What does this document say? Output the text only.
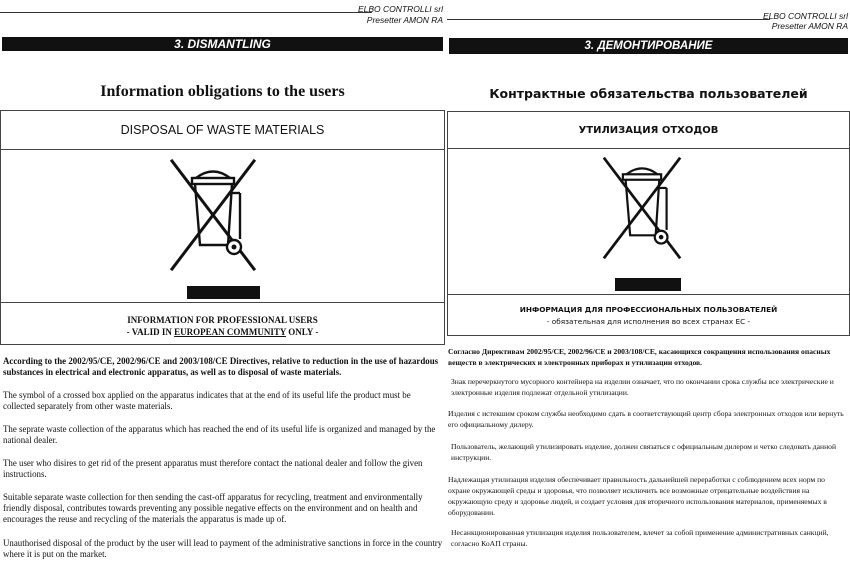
ELBO CONTROLLI srl
Presetter AMON RA
3. DISMANTLING
Information obligations to the users
DISPOSAL OF WASTE MATERIALS
INFORMATION FOR PROFESSIONAL USERS
- VALID IN EUROPEAN COMMUNITY ONLY -

According to the 2002/95/CE, 2002/96/CE and 2003/108/CE Directives, relative to reduction in the use of hazardous substances in electrical and electronic apparatus, as well as to disposal of waste materials.

The symbol of a crossed box applied on the apparatus indicates that at the end of its useful life the product must be collected separately from other waste materials.

The seprate waste collection of the apparatus which has reached the end of its useful life is organized and managed by the national dealer.

The user who disires to get rid of the present apparatus must therefore contact the national dealer and follow the given instructions.

Suitable separate waste collection for then sending the cast-off apparatus for recycling, treatment and environmentally friendly disposal, contributes towards preventing any possible negative effects on the environment and on health and encourages the reuse and recycling of the materials the apparatus is made up of.

Unauthorised disposal of the product by the user will lead to payment of the administrative sanctions in force in the country where it is put on the market.

ELBO CONTROLLI srl
Presetter AMON RA
3. ДЕМОНТИРОВАНИЕ
Контрактные обязательства пользователей
УТИЛИЗАЦИЯ ОТХОДОВ
ИНФОРМАЦИЯ ДЛЯ ПРОФЕССИОНАЛЬНЫХ ПОЛЬЗОВАТЕЛЕЙ
- обязательная для исполнения во всех странах ЕС -

Согласно Директивам 2002/95/CE, 2002/96/CE и 2003/108/CE, касающихся сокращения использования опасных веществ в электрических и электронных приборах и утилизации отходов.

Знак перечеркнутого мусорного контейнера на изделии означает, что по окончании срока службы все электрические и электронные изделия подлежат отдельной утилизации.

Изделия с истекшим сроком службы необходимо сдать в соответствующий центр сбора электронных отходов или вернуть его официальному дилеру.

Пользователь, желающий утилизировать изделие, должен связаться с официальным дилером и четко следовать данной инструкции.

Надлежащая утилизация изделия обеспечивает правильность дальнейшей переработки с соблюдением всех норм по охране окружающей среды и здоровья, что позволяет исключить все возможные отрицательные воздействия на окружающую среду и здоровье людей, и создает условия для вторичного использования материалов, применяемых в оборудовании.

Несанкционированная утилизация изделия пользователем, влечет за собой применение административных санкций, согласно КоАП страны.
